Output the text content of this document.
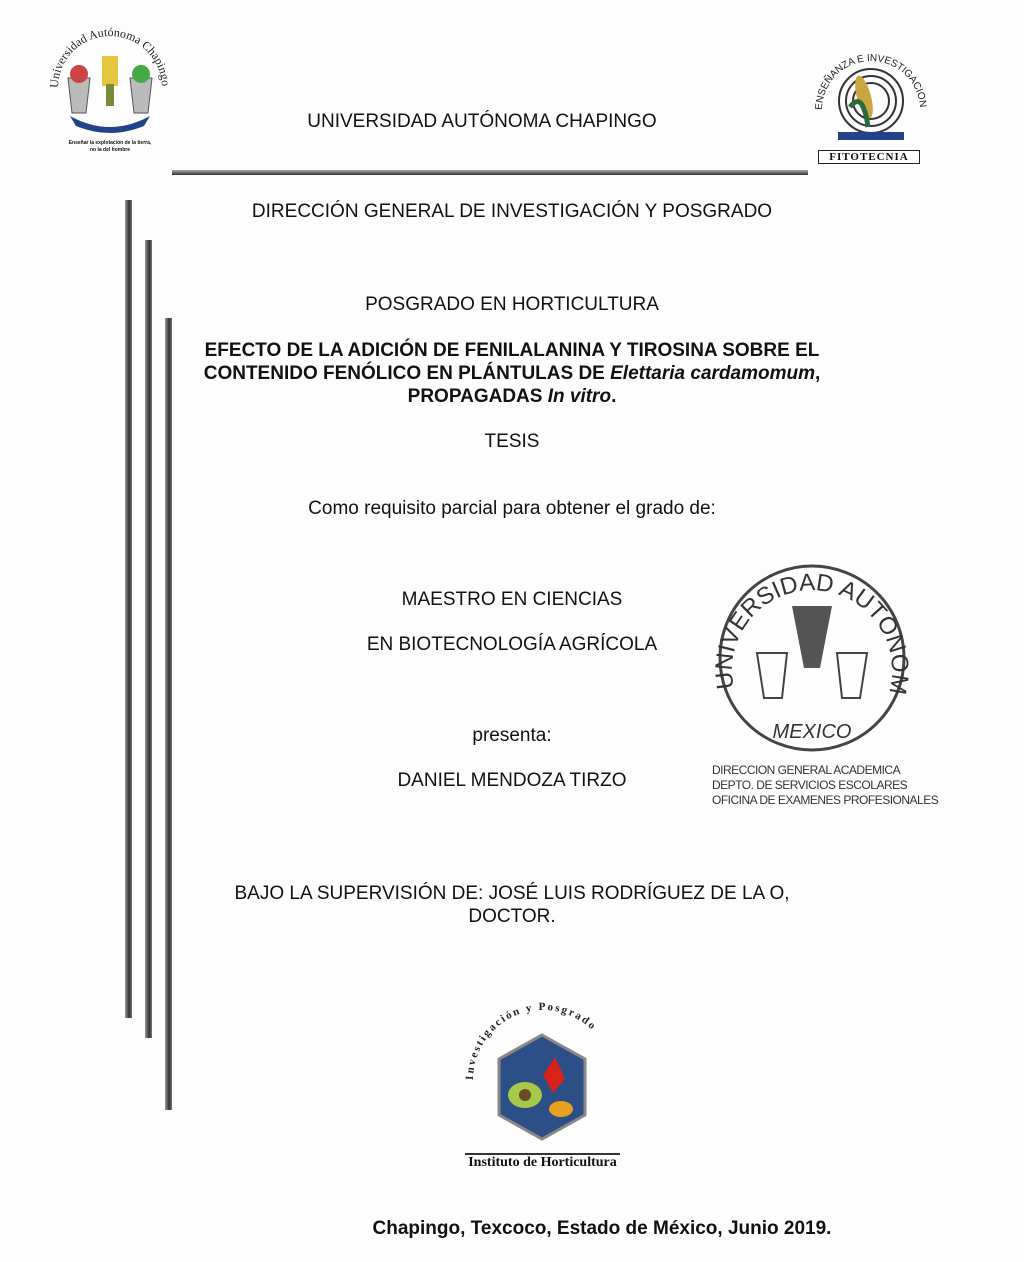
Universidad Autónoma Chapingo
Enseñar la explotación de la tierra,
no la del hombre
UNIVERSIDAD AUTÓNOMA CHAPINGO
ENSEÑANZA E INVESTIGACION
FITOTECNIA
DIRECCIÓN GENERAL DE INVESTIGACIÓN Y POSGRADO
POSGRADO EN HORTICULTURA
EFECTO DE LA ADICIÓN DE FENILALANINA Y TIROSINA SOBRE EL
CONTENIDO FENÓLICO EN PLÁNTULAS DE Elettaria cardamomum,
PROPAGADAS In vitro.
TESIS
Como requisito parcial para obtener el grado de:
MAESTRO EN CIENCIAS
EN BIOTECNOLOGÍA AGRÍCOLA
presenta:
DANIEL MENDOZA TIRZO
BAJO LA SUPERVISIÓN DE: JOSÉ LUIS RODRÍGUEZ DE LA O,
DOCTOR.
UNIVERSIDAD AUTONOM
MEXICO
DIRECCION GENERAL ACADEMICA
DEPTO. DE SERVICIOS ESCOLARES
OFICINA DE EXAMENES PROFESIONALES
Investigación y Posgrado
Instituto de Horticultura
Chapingo, Texcoco, Estado de México, Junio 2019.
